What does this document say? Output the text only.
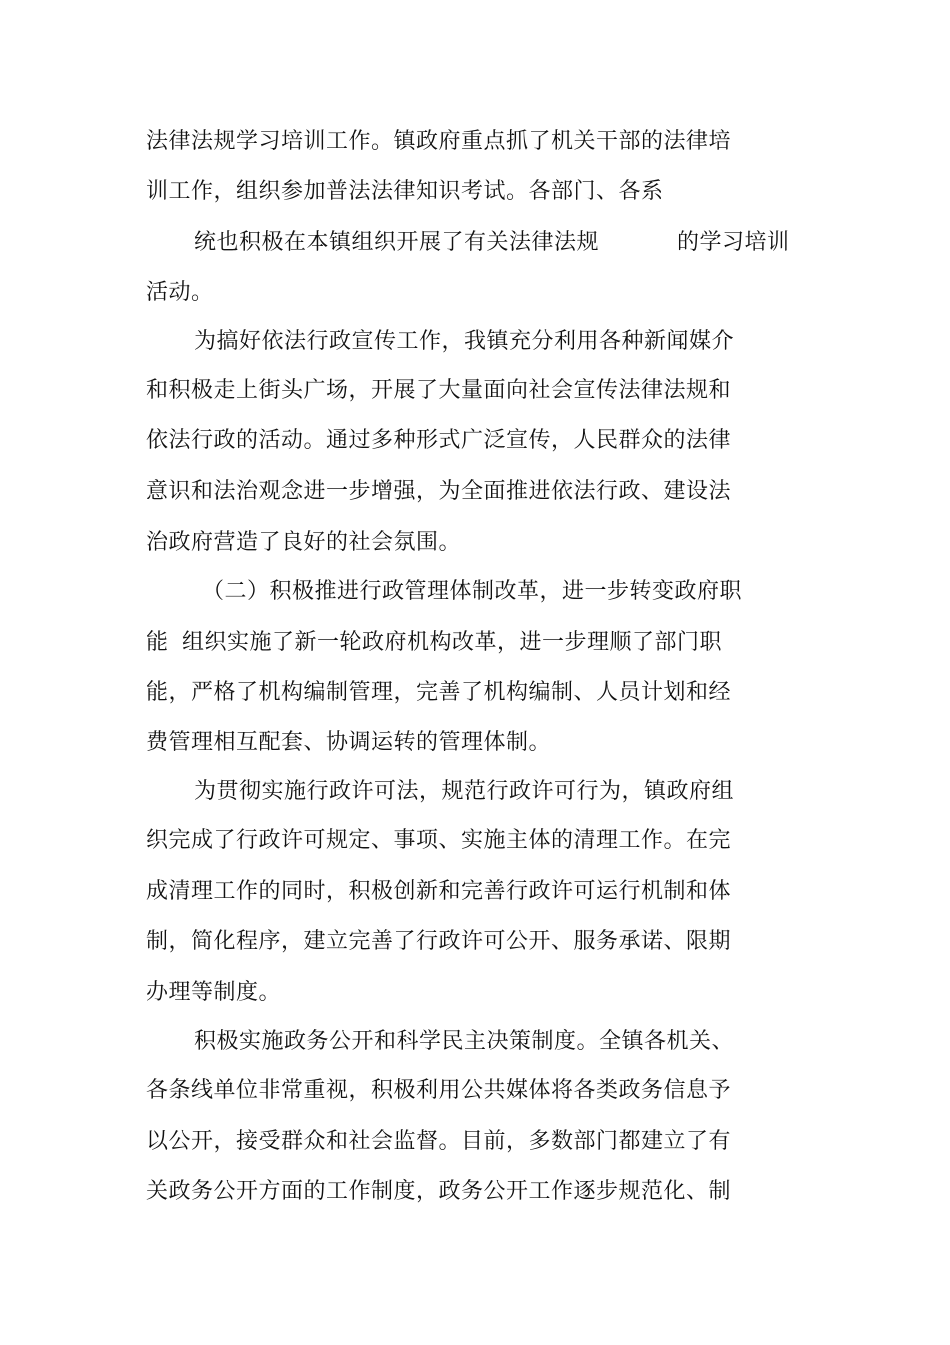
法律法规学习培训工作。镇政府重点抓了机关干部的法律培
训工作，组织参加普法法律知识考试。各部门、各系
统也积极在本镇组织开展了有关法律法规	的学习培训
活动。
为搞好依法行政宣传工作，我镇充分利用各种新闻媒介
和积极走上街头广场，开展了大量面向社会宣传法律法规和
依法行政的活动。通过多种形式广泛宣传，人民群众的法律
意识和法治观念进一步增强，为全面推进依法行政、建设法
治政府营造了良好的社会氛围。
（二）积极推进行政管理体制改革，进一步转变政府职
能 组织实施了新一轮政府机构改革，进一步理顺了部门职
能，严格了机构编制管理，完善了机构编制、人员计划和经
费管理相互配套、协调运转的管理体制。
为贯彻实施行政许可法，规范行政许可行为，镇政府组
织完成了行政许可规定、事项、实施主体的清理工作。在完
成清理工作的同时，积极创新和完善行政许可运行机制和体
制，简化程序，建立完善了行政许可公开、服务承诺、限期
办理等制度。
积极实施政务公开和科学民主决策制度。全镇各机关、
各条线单位非常重视，积极利用公共媒体将各类政务信息予
以公开，接受群众和社会监督。目前，多数部门都建立了有
关政务公开方面的工作制度，政务公开工作逐步规范化、制
